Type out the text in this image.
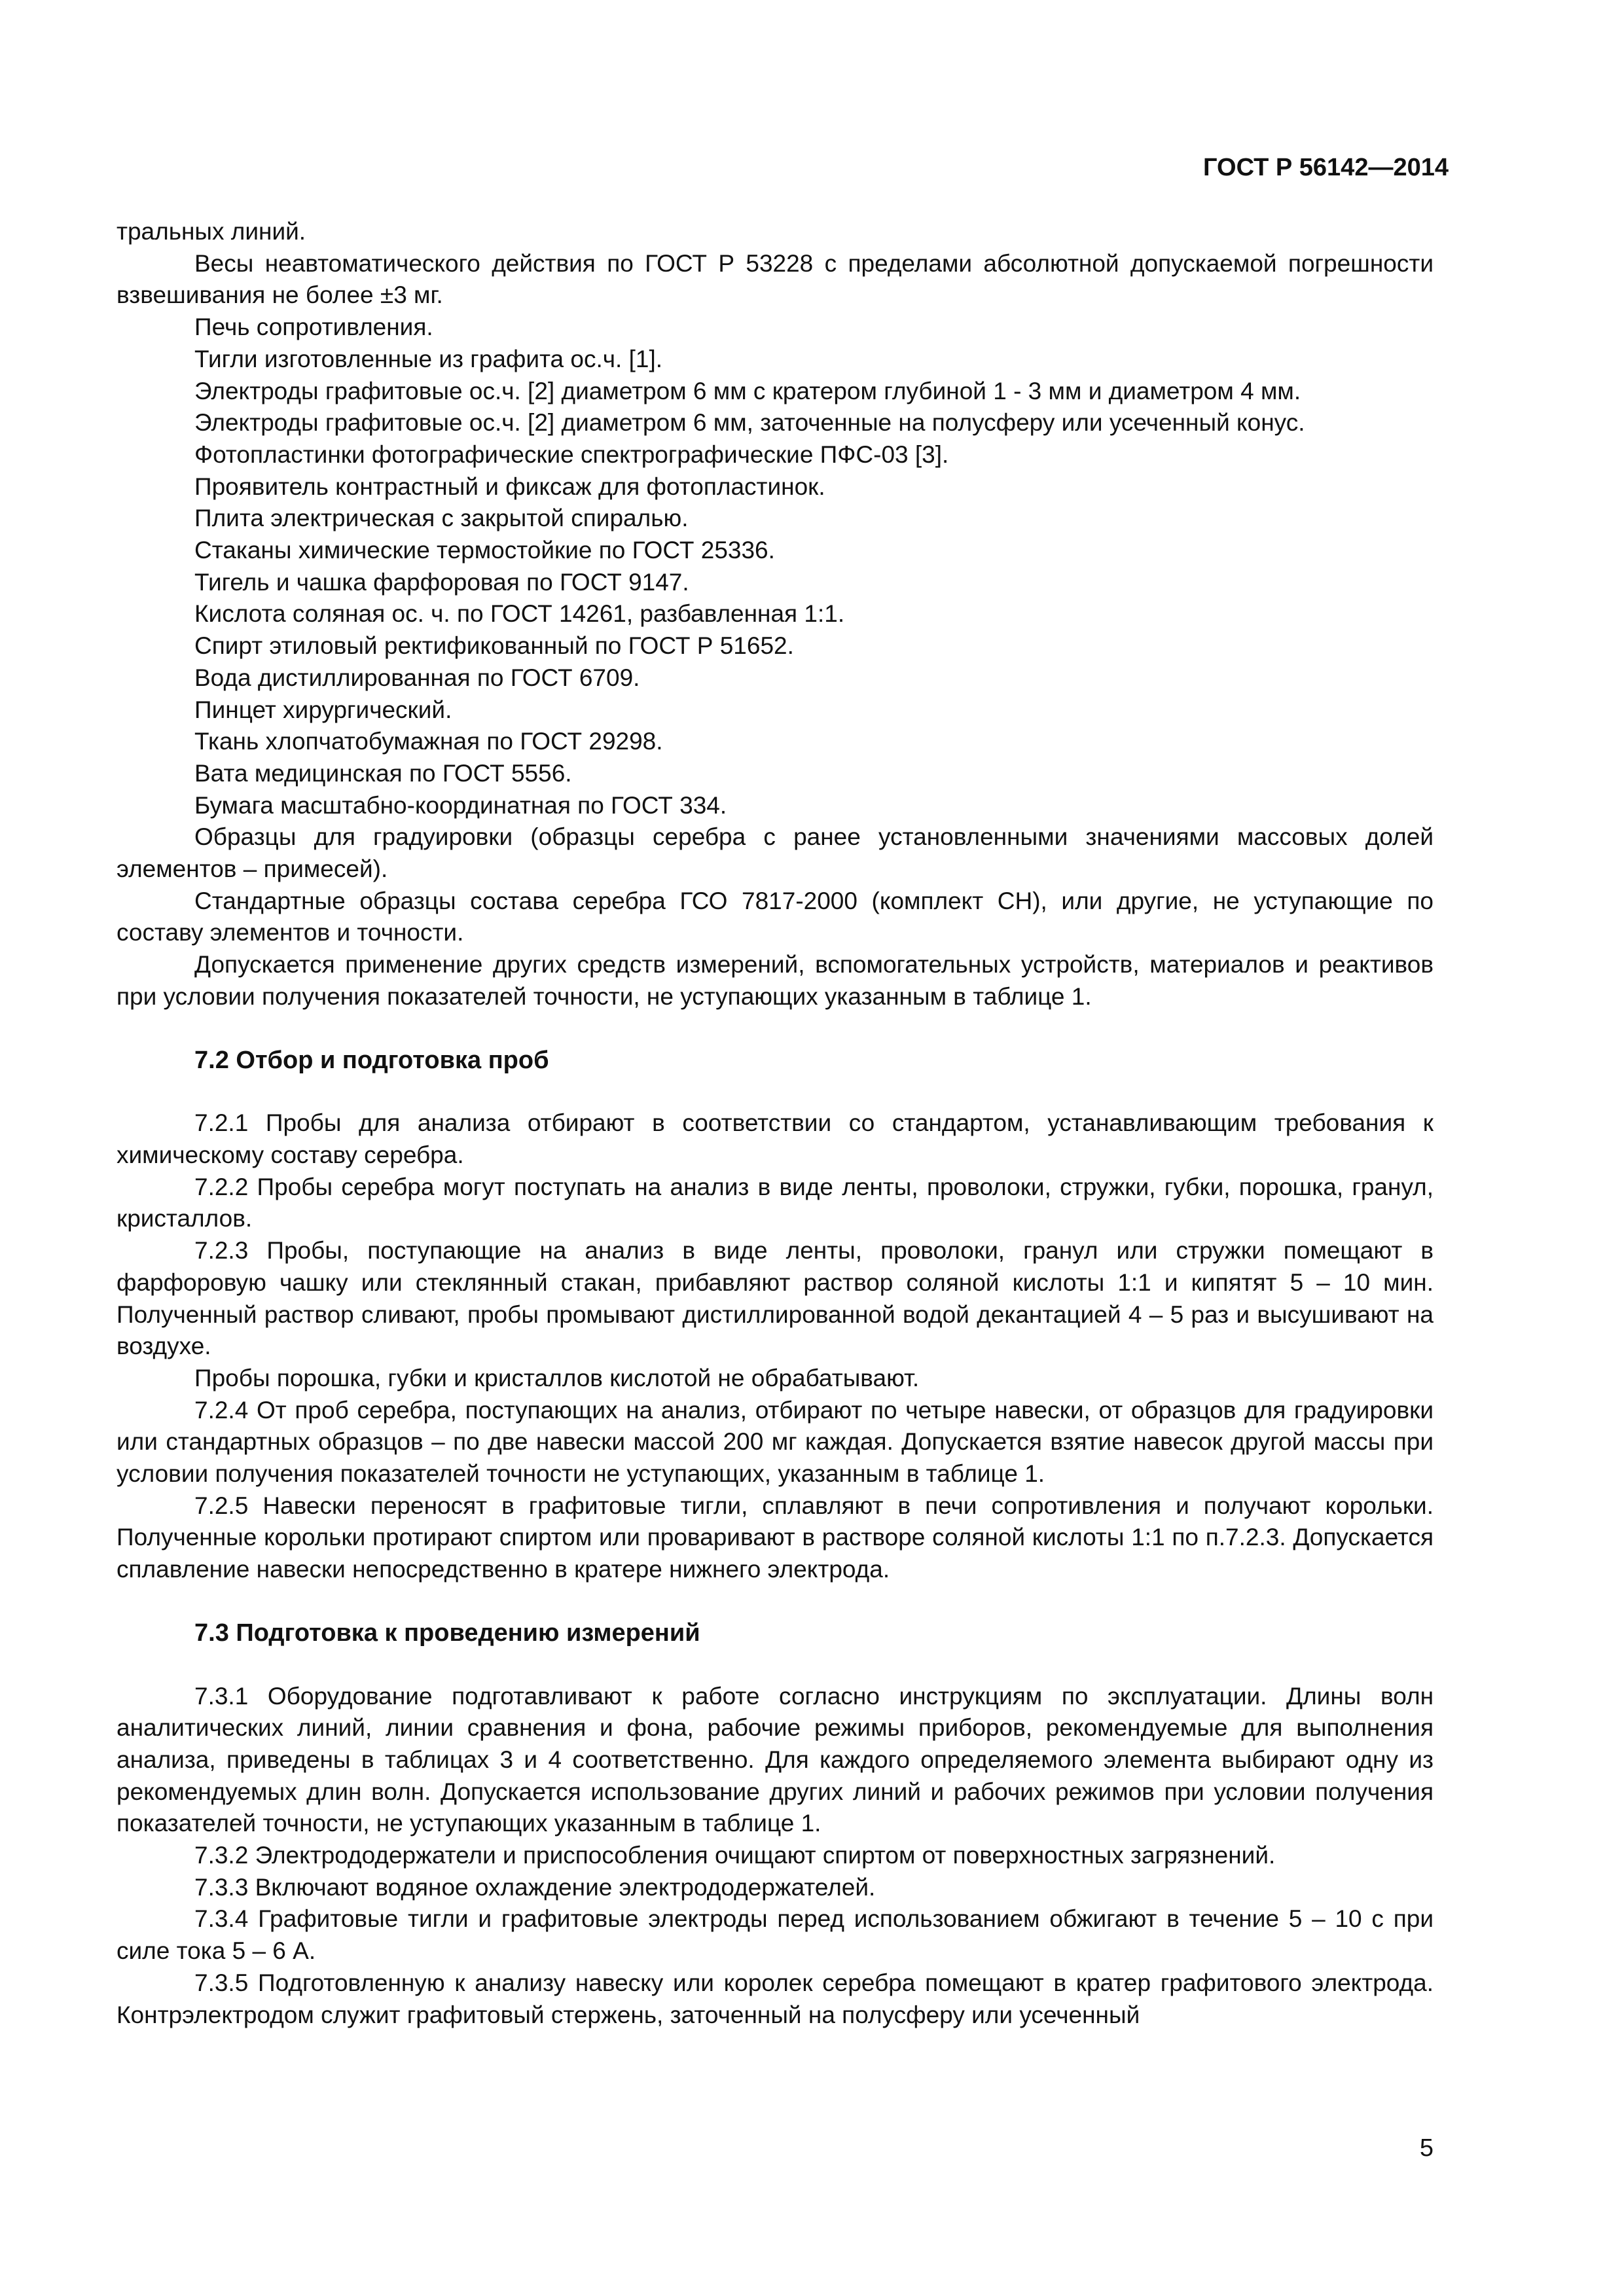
ГОСТ Р 56142—2014

тральных линий.

Весы неавтоматического действия по ГОСТ Р 53228 с пределами абсолютной допускаемой погрешности взвешивания не более ±3 мг.

Печь сопротивления.

Тигли изготовленные из графита ос.ч. [1].

Электроды графитовые ос.ч. [2] диаметром 6 мм с кратером глубиной 1 - 3 мм и диаметром 4 мм.

Электроды графитовые ос.ч. [2] диаметром 6 мм, заточенные на полусферу или усеченный конус.

Фотопластинки фотографические спектрографические ПФС-03 [3].

Проявитель контрастный и фиксаж для фотопластинок.

Плита электрическая с закрытой спиралью.

Стаканы химические термостойкие по ГОСТ 25336.

Тигель и чашка фарфоровая по ГОСТ 9147.

Кислота соляная ос. ч. по ГОСТ 14261, разбавленная 1:1.

Спирт этиловый ректификованный по ГОСТ Р 51652.

Вода дистиллированная по ГОСТ 6709.

Пинцет хирургический.

Ткань хлопчатобумажная по ГОСТ 29298.

Вата медицинская по ГОСТ 5556.

Бумага масштабно-координатная по ГОСТ 334.

Образцы для градуировки (образцы серебра с ранее установленными значениями массовых долей элементов – примесей).

Стандартные образцы состава серебра ГСО 7817-2000 (комплект СН), или другие, не уступающие по составу элементов и точности.

Допускается применение других средств измерений, вспомогательных устройств, материалов и реактивов при условии получения показателей точности, не уступающих указанным в таблице 1.

7.2 Отбор и подготовка проб

7.2.1 Пробы для анализа отбирают в соответствии со стандартом, устанавливающим требования к химическому составу серебра.

7.2.2 Пробы серебра могут поступать на анализ в виде ленты, проволоки, стружки, губки, порошка, гранул, кристаллов.

7.2.3 Пробы, поступающие на анализ в виде ленты, проволоки, гранул или стружки помещают в фарфоровую чашку или стеклянный стакан, прибавляют раствор соляной кислоты 1:1 и кипятят 5 – 10 мин. Полученный раствор сливают, пробы промывают дистиллированной водой декантацией 4 – 5 раз и высушивают на воздухе.

Пробы порошка, губки и кристаллов кислотой не обрабатывают.

7.2.4 От проб серебра, поступающих на анализ, отбирают по четыре навески, от образцов для градуировки или стандартных образцов – по две навески массой 200 мг каждая. Допускается взятие навесок другой массы при условии получения показателей точности не уступающих, указанным в таблице 1.

7.2.5 Навески переносят в графитовые тигли, сплавляют в печи сопротивления и получают корольки. Полученные корольки протирают спиртом или проваривают в растворе соляной кислоты 1:1 по п.7.2.3. Допускается сплавление навески непосредственно в кратере нижнего электрода.

7.3 Подготовка к проведению измерений

7.3.1 Оборудование подготавливают к работе согласно инструкциям по эксплуатации. Длины волн аналитических линий, линии сравнения и фона, рабочие режимы приборов, рекомендуемые для выполнения анализа, приведены в таблицах 3 и 4 соответственно. Для каждого определяемого элемента выбирают одну из рекомендуемых длин волн. Допускается использование других линий и рабочих режимов при условии получения показателей точности, не уступающих указанным в таблице 1.

7.3.2 Электрододержатели и приспособления очищают спиртом от поверхностных загрязнений.

7.3.3 Включают водяное охлаждение электрододержателей.

7.3.4 Графитовые тигли и графитовые электроды перед использованием обжигают в течение 5 – 10 с при силе тока 5 – 6 А.

7.3.5 Подготовленную к анализу навеску или королек серебра помещают в кратер графитового электрода. Контрэлектродом служит графитовый стержень, заточенный на полусферу или усеченный

5
